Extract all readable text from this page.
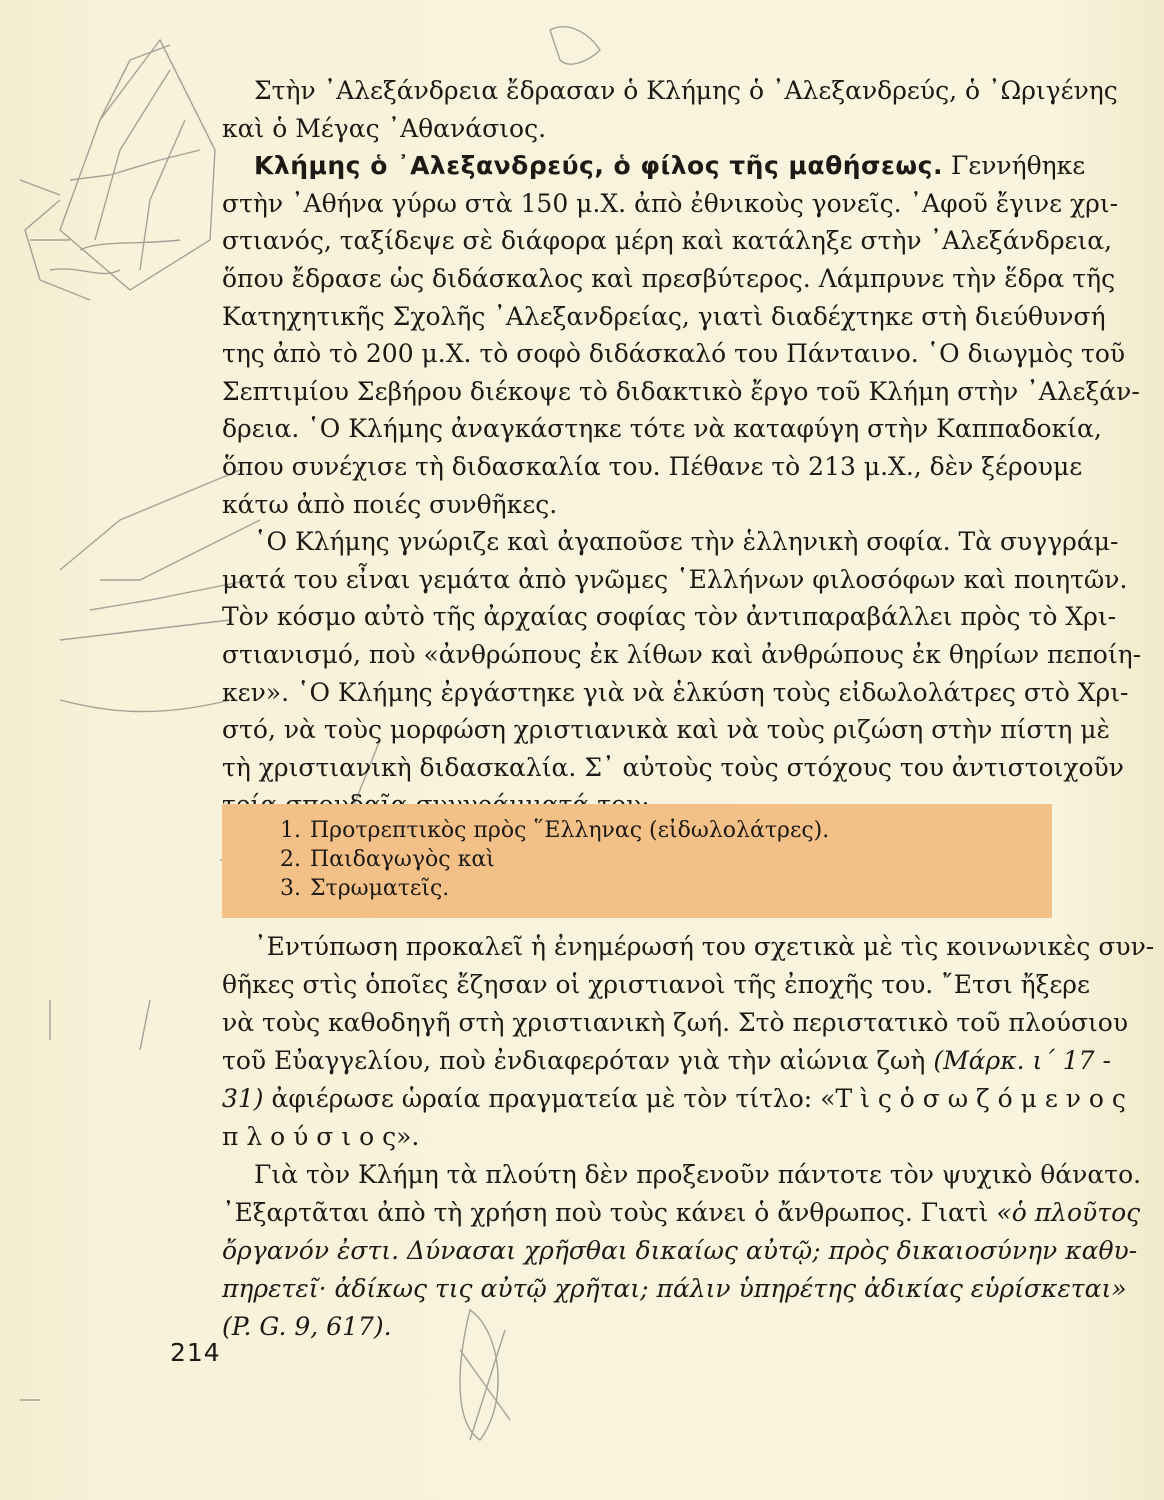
Στὴν ᾿Αλεξάνδρεια ἔδρασαν ὁ Κλήμης ὁ ᾿Αλεξανδρεύς, ὁ ᾿Ωριγένης
καὶ ὁ Μέγας ᾿Αθανάσιος.
Κλήμης ὁ ᾿Αλεξανδρεύς, ὁ φίλος τῆς μαθήσεως. Γεννήθηκε
στὴν ᾿Αθήνα γύρω στὰ 150 μ.Χ. ἀπὸ ἐθνικοὺς γονεῖς. ᾿Αφοῦ ἔγινε χρι-
στιανός, ταξίδεψε σὲ διάφορα μέρη καὶ κατάληξε στὴν ᾿Αλεξάνδρεια,
ὅπου ἔδρασε ὡς διδάσκαλος καὶ πρεσβύτερος. Λάμπρυνε τὴν ἕδρα τῆς
Κατηχητικῆς Σχολῆς ᾿Αλεξανδρείας, γιατὶ διαδέχτηκε στὴ διεύθυνσή
της ἀπὸ τὸ 200 μ.Χ. τὸ σοφὸ διδάσκαλό του Πάνταινο. ῾Ο διωγμὸς τοῦ
Σεπτιμίου Σεβήρου διέκοψε τὸ διδακτικὸ ἔργο τοῦ Κλήμη στὴν ᾿Αλεξάν-
δρεια. ῾Ο Κλήμης ἀναγκάστηκε τότε νὰ καταφύγη στὴν Καππαδοκία,
ὅπου συνέχισε τὴ διδασκαλία του. Πέθανε τὸ 213 μ.Χ., δὲν ξέρουμε
κάτω ἀπὸ ποιές συνθῆκες.
῾Ο Κλήμης γνώριζε καὶ ἀγαποῦσε τὴν ἑλληνικὴ σοφία. Τὰ συγγράμ-
ματά του εἶναι γεμάτα ἀπὸ γνῶμες ῾Ελλήνων φιλοσόφων καὶ ποιητῶν.
Τὸν κόσμο αὐτὸ τῆς ἀρχαίας σοφίας τὸν ἀντιπαραβάλλει πρὸς τὸ Χρι-
στιανισμό, ποὺ «ἀνθρώπους ἐκ λίθων καὶ ἀνθρώπους ἐκ θηρίων πεποίη-
κεν». ῾Ο Κλήμης ἐργάστηκε γιὰ νὰ ἑλκύση τοὺς εἰδωλολάτρες στὸ Χρι-
στό, νὰ τοὺς μορφώση χριστιανικὰ καὶ νὰ τοὺς ριζώση στὴν πίστη μὲ
τὴ χριστιανικὴ διδασκαλία. Σ᾿ αὐτοὺς τοὺς στόχους του ἀντιστοιχοῦν
1. Προτρεπτικὸς πρὸς ῞Ελληνας (εἰδωλολάτρες).
2. Παιδαγωγὸς καὶ
3. Στρωματεῖς.
᾿Εντύπωση προκαλεῖ ἡ ἐνημέρωσή του σχετικὰ μὲ τὶς κοινωνικὲς συν-
θῆκες στὶς ὁποῖες ἔζησαν οἱ χριστιανοὶ τῆς ἐποχῆς του. ῎Ετσι ἤξερε
νὰ τοὺς καθοδηγῆ στὴ χριστιανικὴ ζωή. Στὸ περιστατικὸ τοῦ πλούσιου
τοῦ Εὐαγγελίου, ποὺ ἐνδιαφερόταν γιὰ τὴν αἰώνια ζωὴ (Μάρκ. ι´ 17 -
31) ἀφιέρωσε ὡραία πραγματεία μὲ τὸν τίτλο: «Τ ὶ ς ὁ σ ω ζ ό μ ε ν ο ς
π λ ο ύ σ ι ο ς».
Γιὰ τὸν Κλήμη τὰ πλούτη δὲν προξενοῦν πάντοτε τὸν ψυχικὸ θάνατο.
᾿Εξαρτᾶται ἀπὸ τὴ χρήση ποὺ τοὺς κάνει ὁ ἄνθρωπος. Γιατὶ «ὁ πλοῦτος
ὄργανόν ἐστι. Δύνασαι χρῆσθαι δικαίως αὐτῷ; πρὸς δικαιοσύνην καθυ-
πηρετεῖ· ἀδίκως τις αὐτῷ χρῆται; πάλιν ὑπηρέτης ἀδικίας εὑρίσκεται»
(P. G. 9, 617).
214
